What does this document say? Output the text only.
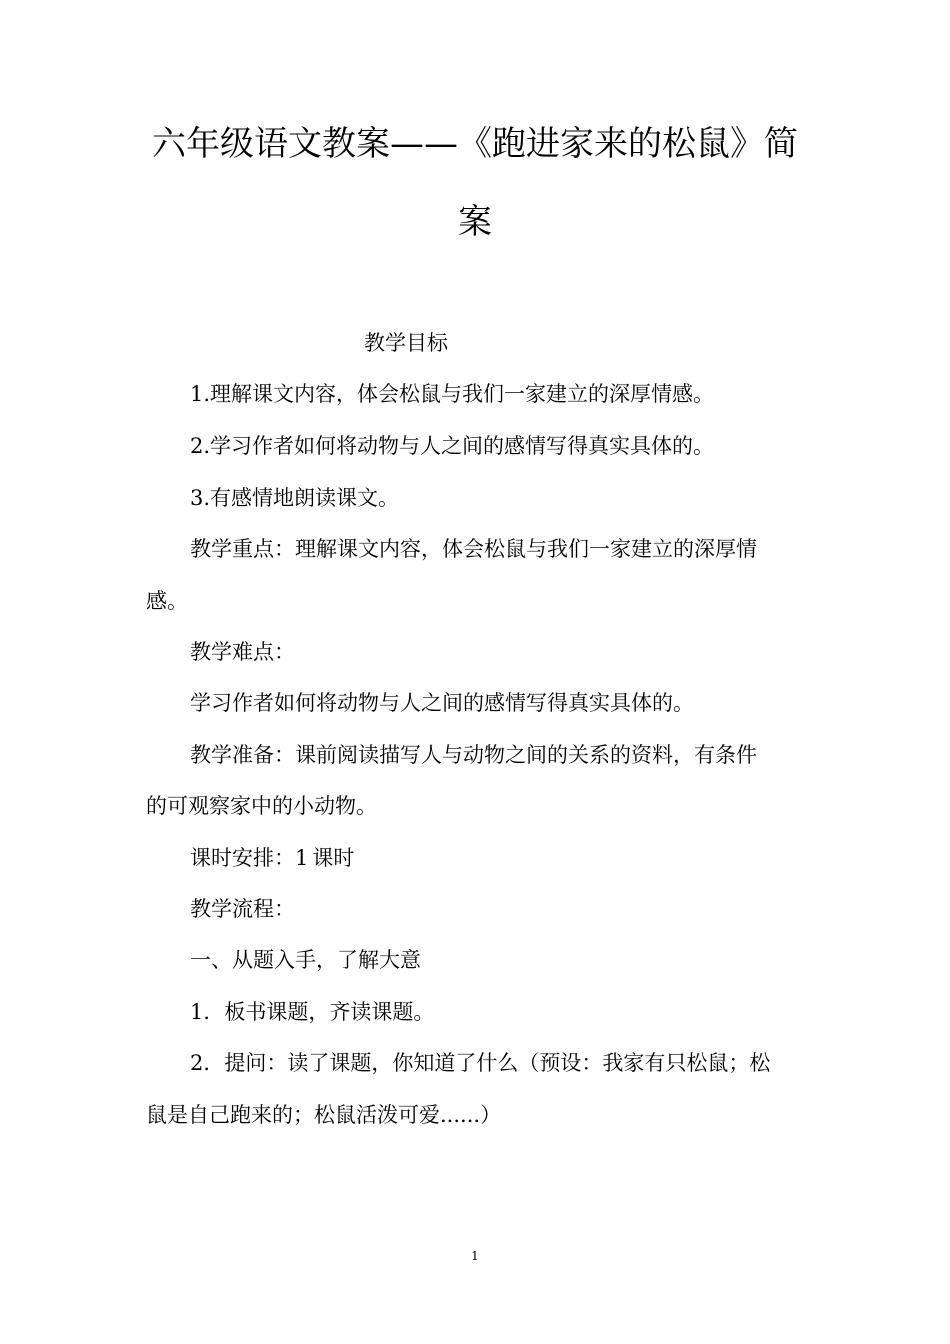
六年级语文教案——《跑进家来的松鼠》简
案
教学目标
1.理解课文内容，体会松鼠与我们一家建立的深厚情感。
2.学习作者如何将动物与人之间的感情写得真实具体的。
3.有感情地朗读课文。
教学重点：理解课文内容，体会松鼠与我们一家建立的深厚情
感。
教学难点：
学习作者如何将动物与人之间的感情写得真实具体的。
教学准备：课前阅读描写人与动物之间的关系的资料，有条件
的可观察家中的小动物。
课时安排：1 课时
教学流程：
一、从题入手，了解大意
1．板书课题，齐读课题。
2．提问：读了课题，你知道了什么（预设：我家有只松鼠；松
鼠是自己跑来的；松鼠活泼可爱......）
1
